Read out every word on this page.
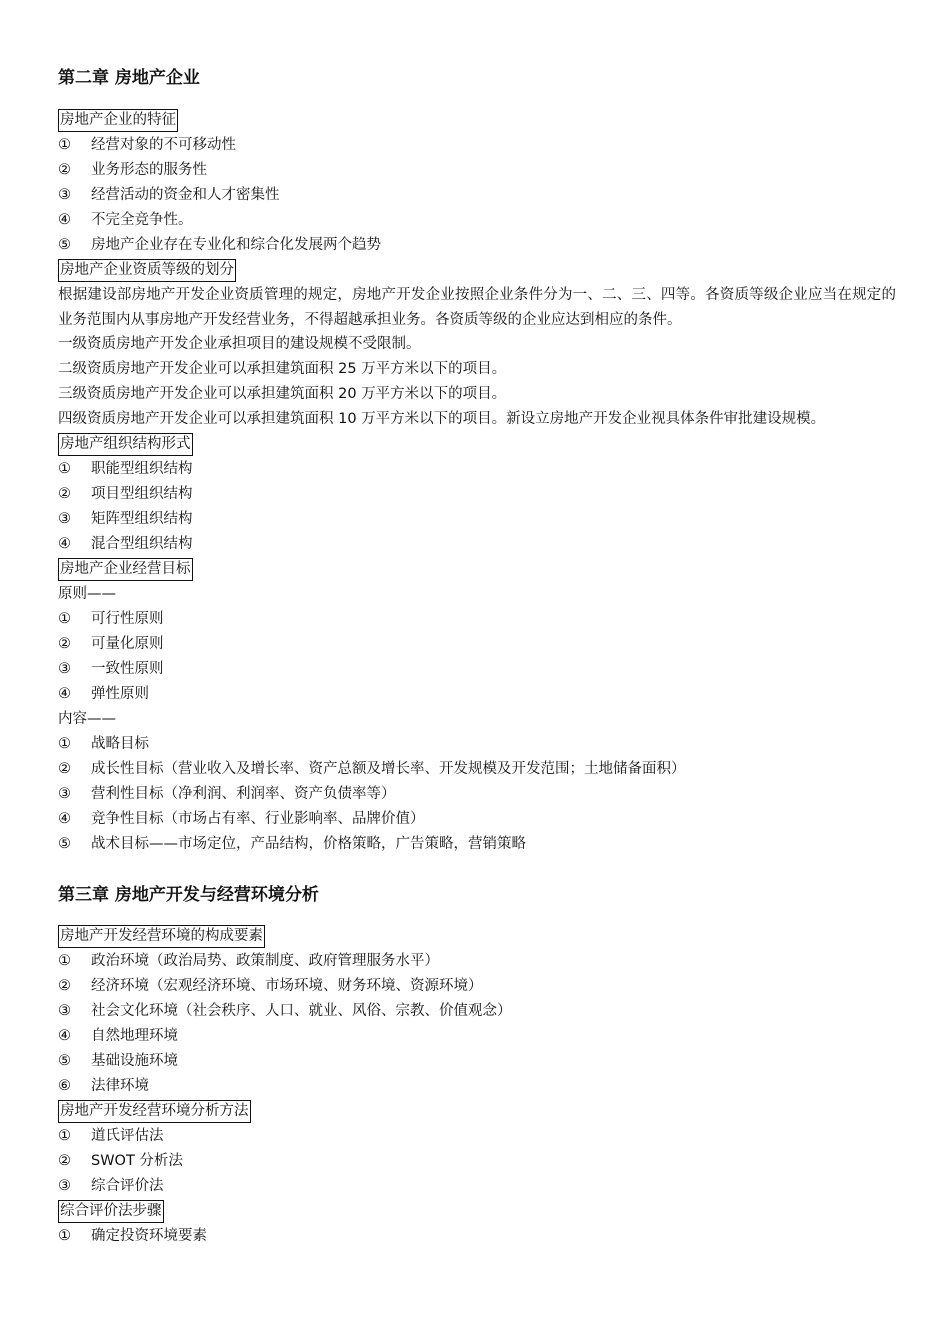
第二章 房地产企业
房地产企业的特征
① 经营对象的不可移动性
② 业务形态的服务性
③ 经营活动的资金和人才密集性
④ 不完全竞争性。
⑤ 房地产企业存在专业化和综合化发展两个趋势
房地产企业资质等级的划分

根据建设部房地产开发企业资质管理的规定，房地产开发企业按照企业条件分为一、二、三、四等。各资质等级企业应当在规定的业务范围内从事房地产开发经营业务，不得超越承担业务。各资质等级的企业应达到相应的条件。

一级资质房地产开发企业承担项目的建设规模不受限制。
二级资质房地产开发企业可以承担建筑面积 25 万平方米以下的项目。
三级资质房地产开发企业可以承担建筑面积 20 万平方米以下的项目。

四级资质房地产开发企业可以承担建筑面积 10 万平方米以下的项目。新设立房地产开发企业视具体条件审批建设规模。

房地产组织结构形式
① 职能型组织结构
② 项目型组织结构
③ 矩阵型组织结构
④ 混合型组织结构
房地产企业经营目标
原则——
① 可行性原则
② 可量化原则
③ 一致性原则
④ 弹性原则
内容——
① 战略目标
② 成长性目标（营业收入及增长率、资产总额及增长率、开发规模及开发范围；土地储备面积）
③ 营利性目标（净利润、利润率、资产负债率等）
④ 竞争性目标（市场占有率、行业影响率、品牌价值）
⑤ 战术目标——市场定位，产品结构，价格策略，广告策略，营销策略
第三章 房地产开发与经营环境分析
房地产开发经营环境的构成要素
① 政治环境（政治局势、政策制度、政府管理服务水平）
② 经济环境（宏观经济环境、市场环境、财务环境、资源环境）
③ 社会文化环境（社会秩序、人口、就业、风俗、宗教、价值观念）
④ 自然地理环境
⑤ 基础设施环境
⑥ 法律环境
房地产开发经营环境分析方法
① 道氏评估法
② SWOT 分析法
③ 综合评价法
综合评价法步骤
① 确定投资环境要素
